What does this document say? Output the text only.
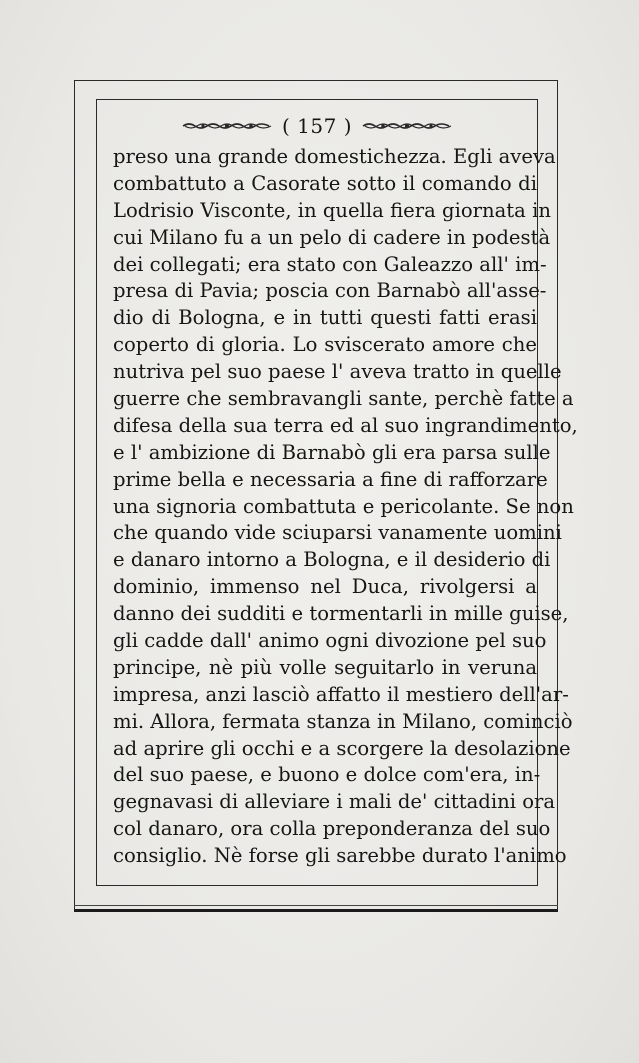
( 157 )
preso una grande domestichezza. Egli aveva
combattuto a Casorate sotto il comando di
Lodrisio Visconte, in quella fiera giornata in
cui Milano fu a un pelo di cadere in podestà
dei collegati; era stato con Galeazzo all' im-
presa di Pavia; poscia con Barnabò all'asse-
dio di Bologna, e in tutti questi fatti erasi
coperto di gloria. Lo sviscerato amore che
nutriva pel suo paese l' aveva tratto in quelle
guerre che sembravangli sante, perchè fatte a
difesa della sua terra ed al suo ingrandimento,
e l' ambizione di Barnabò gli era parsa sulle
prime bella e necessaria a fine di rafforzare
una signoria combattuta e pericolante. Se non
che quando vide sciuparsi vanamente uomini
e danaro intorno a Bologna, e il desiderio di
dominio, immenso nel Duca, rivolgersi a
danno dei sudditi e tormentarli in mille guise,
gli cadde dall' animo ogni divozione pel suo
principe, nè più volle seguitarlo in veruna
impresa, anzi lasciò affatto il mestiero dell'ar-
mi. Allora, fermata stanza in Milano, cominciò
ad aprire gli occhi e a scorgere la desolazione
del suo paese, e buono e dolce com'era, in-
gegnavasi di alleviare i mali de' cittadini ora
col danaro, ora colla preponderanza del suo
consiglio. Nè forse gli sarebbe durato l'animo
